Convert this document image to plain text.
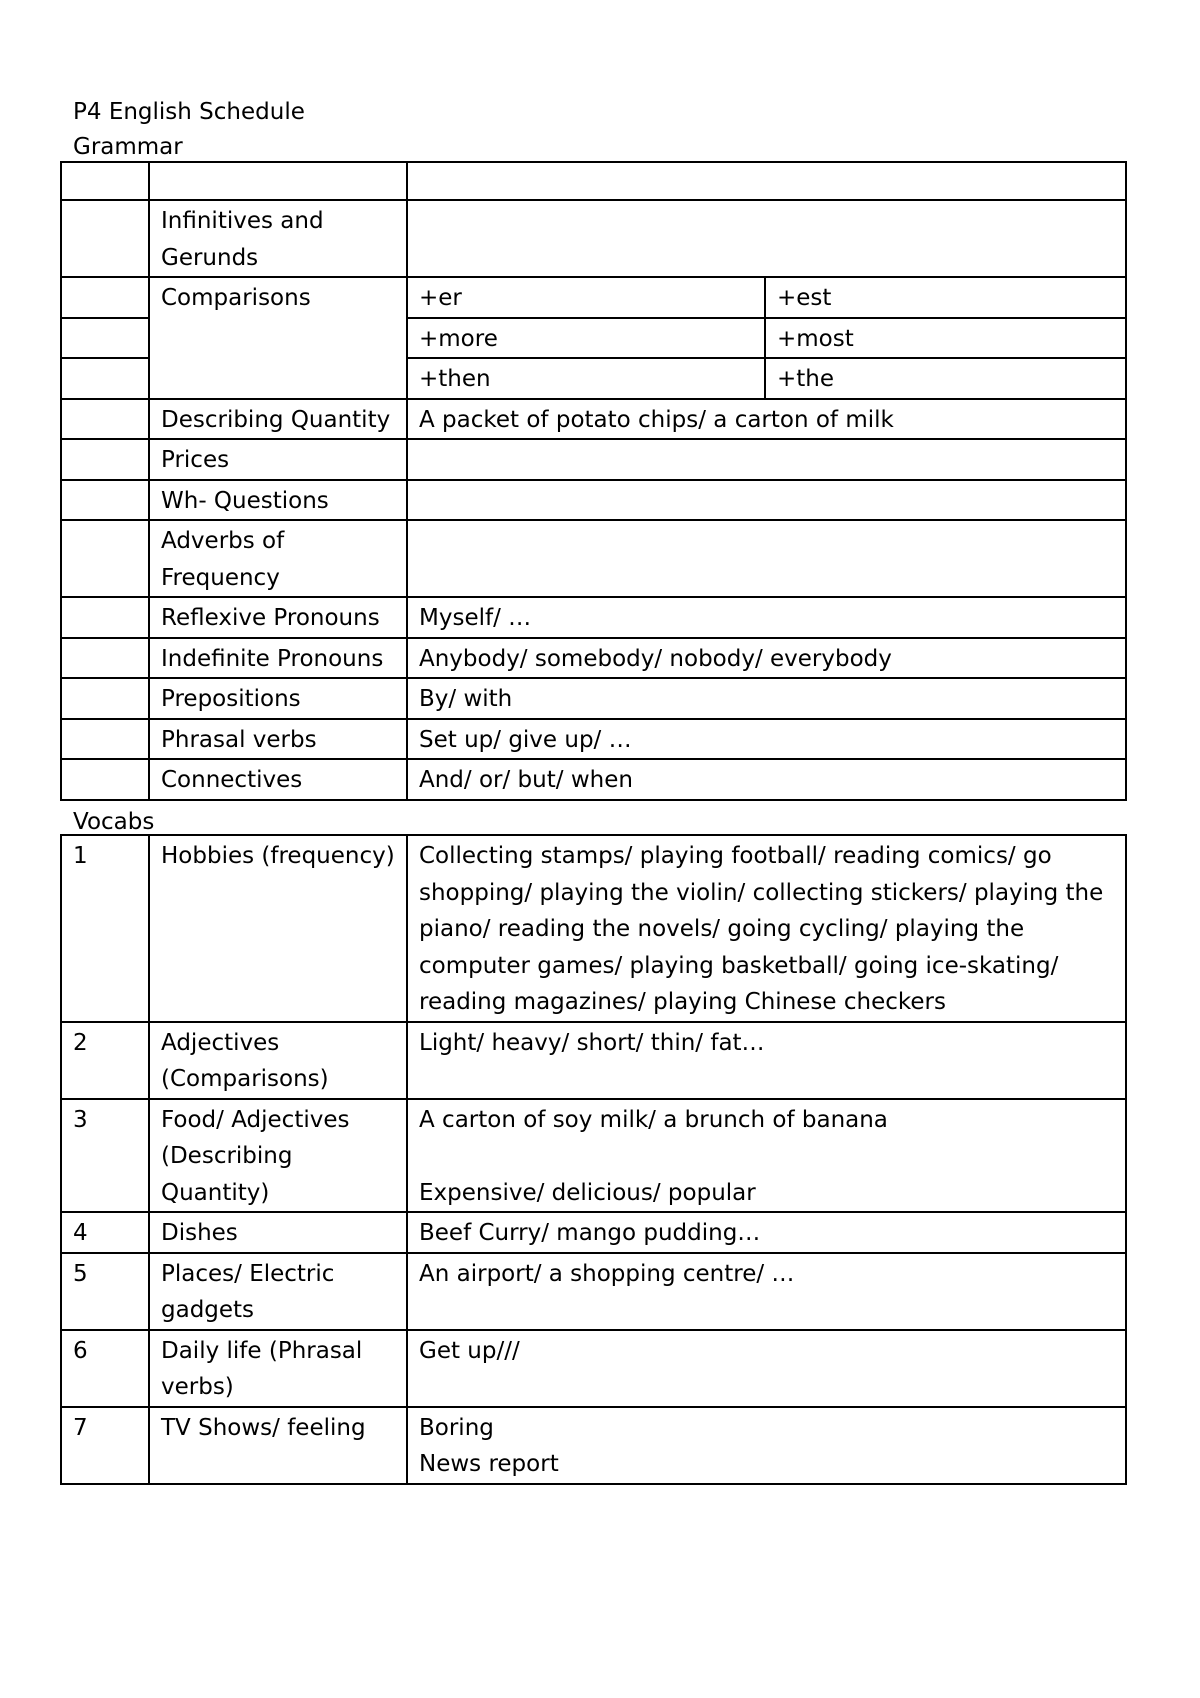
P4 English Schedule
Grammar

	Infinitives and Gerunds		
	Comparisons	+er	+est
		+more	+most
		+then	+the
	Describing Quantity	A packet of potato chips/ a carton of milk	
	Prices		
	Wh- Questions		
	Adverbs of Frequency		
	Reflexive Pronouns	Myself/ …	
	Indefinite Pronouns	Anybody/ somebody/ nobody/ everybody	
	Prepositions	By/ with	
	Phrasal verbs	Set up/ give up/ …	
	Connectives	And/ or/ but/ when	
Vocabs
1	Hobbies (frequency)	Collecting stamps/ playing football/ reading comics/ go shopping/ playing the violin/ collecting stickers/ playing the piano/ reading the novels/ going cycling/ playing the computer games/ playing basketball/ going ice-skating/ reading magazines/ playing Chinese checkers
2	Adjectives (Comparisons)	Light/ heavy/ short/ thin/ fat…
3	Food/ Adjectives (Describing Quantity)	A carton of soy milk/ a brunch of banana
Expensive/ delicious/ popular
4	Dishes	Beef Curry/ mango pudding…
5	Places/ Electric gadgets	An airport/ a shopping centre/ …
6	Daily life (Phrasal verbs)	Get up///
7	TV Shows/ feeling	Boring
News report
